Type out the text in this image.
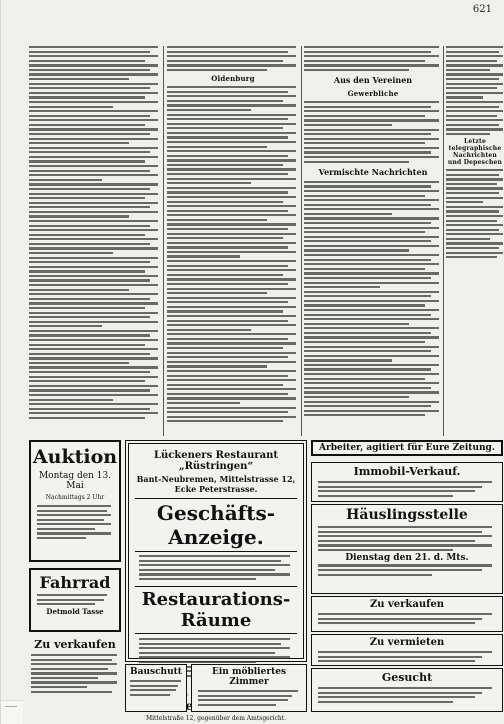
621
Oldenburg	Aus den Vereinen
Gewerbliche
Vermischte Nachrichten
Letzte telegraphische Nachrichten und Depeschen
Auktion
Montag den 13. Mai
Nachmittags 2 Uhr
Fahrrad
Detmold Tasse
Zu verkaufen
Lückeners Restaurant „Rüstringen“
Bant-Neubremen, Mittelstrasse 12, Ecke Peterstrasse.
Geschäfts-Anzeige.
Restaurations-Räume
Mittelstraße 12, gegenüber dem Amtsgericht.
Bauschutt	Ein möbliertes Zimmer
Arbeiter, agitiert für Eure Zeitung.
Immobil-Verkauf.
Häuslingsstelle
Dienstag den 21. d. Mts.
Zu verkaufen
Zu vermieten
Gesucht
